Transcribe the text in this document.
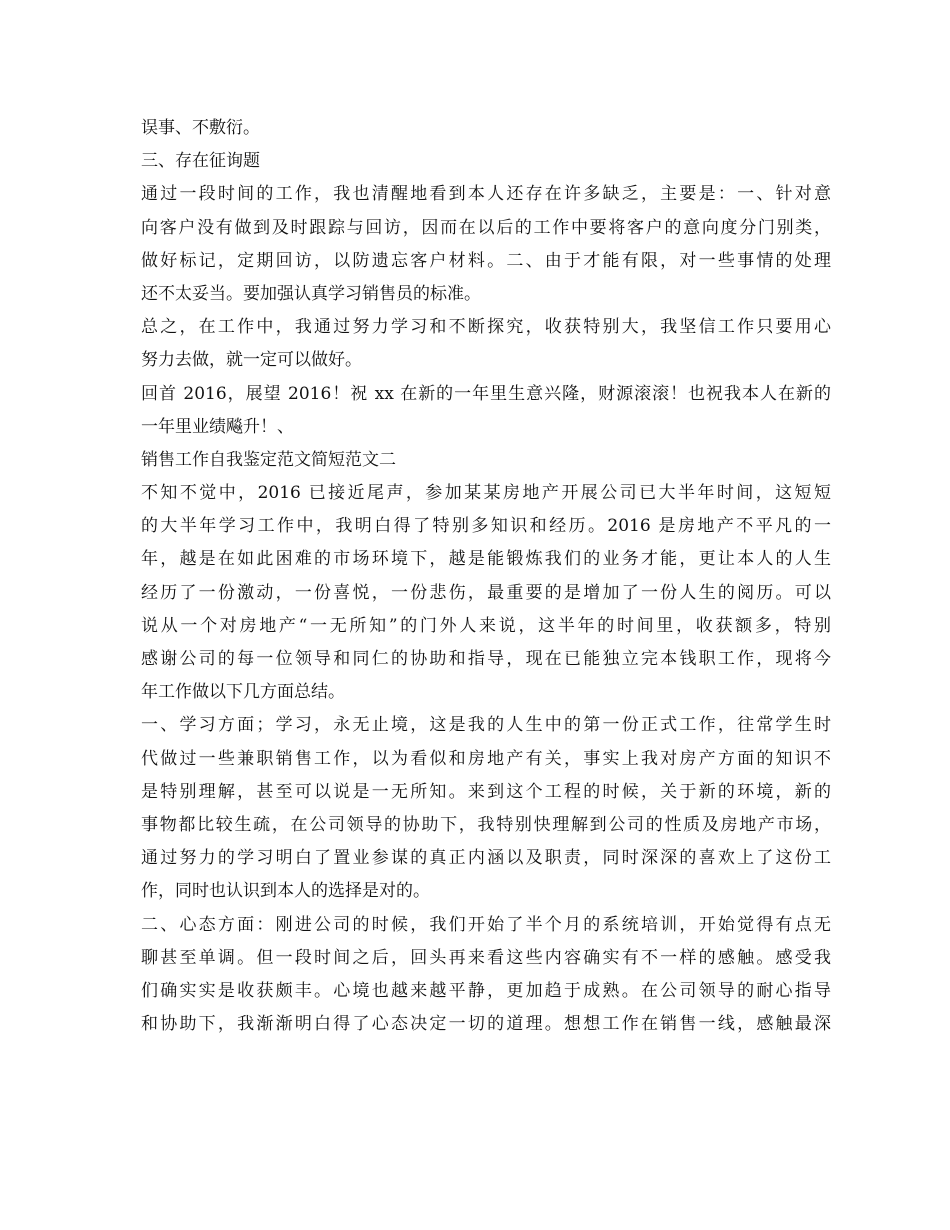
误事、不敷衍。
三、存在征询题
通过一段时间的工作，我也清醒地看到本人还存在许多缺乏，主要是：一、针对意
向客户没有做到及时跟踪与回访，因而在以后的工作中要将客户的意向度分门别类，
做好标记，定期回访，以防遗忘客户材料。二、由于才能有限，对一些事情的处理
还不太妥当。要加强认真学习销售员的标准。
总之，在工作中，我通过努力学习和不断探究，收获特别大，我坚信工作只要用心
努力去做，就一定可以做好。
回首 2016，展望 2016！祝 xx 在新的一年里生意兴隆，财源滚滚！也祝我本人在新的
一年里业绩飚升！、
销售工作自我鉴定范文简短范文二
不知不觉中，2016 已接近尾声，参加某某房地产开展公司已大半年时间，这短短
的大半年学习工作中，我明白得了特别多知识和经历。2016 是房地产不平凡的一
年，越是在如此困难的市场环境下，越是能锻炼我们的业务才能，更让本人的人生
经历了一份激动，一份喜悦，一份悲伤，最重要的是增加了一份人生的阅历。可以
说从一个对房地产“一无所知”的门外人来说，这半年的时间里，收获额多，特别
感谢公司的每一位领导和同仁的协助和指导，现在已能独立完本钱职工作，现将今
年工作做以下几方面总结。
一、学习方面；学习，永无止境，这是我的人生中的第一份正式工作，往常学生时
代做过一些兼职销售工作，以为看似和房地产有关，事实上我对房产方面的知识不
是特别理解，甚至可以说是一无所知。来到这个工程的时候，关于新的环境，新的
事物都比较生疏，在公司领导的协助下，我特别快理解到公司的性质及房地产市场，
通过努力的学习明白了置业参谋的真正内涵以及职责，同时深深的喜欢上了这份工
作，同时也认识到本人的选择是对的。
二、心态方面：刚进公司的时候，我们开始了半个月的系统培训，开始觉得有点无
聊甚至单调。但一段时间之后，回头再来看这些内容确实有不一样的感触。感受我
们确实实是收获颇丰。心境也越来越平静，更加趋于成熟。在公司领导的耐心指导
和协助下，我渐渐明白得了心态决定一切的道理。想想工作在销售一线，感触最深
